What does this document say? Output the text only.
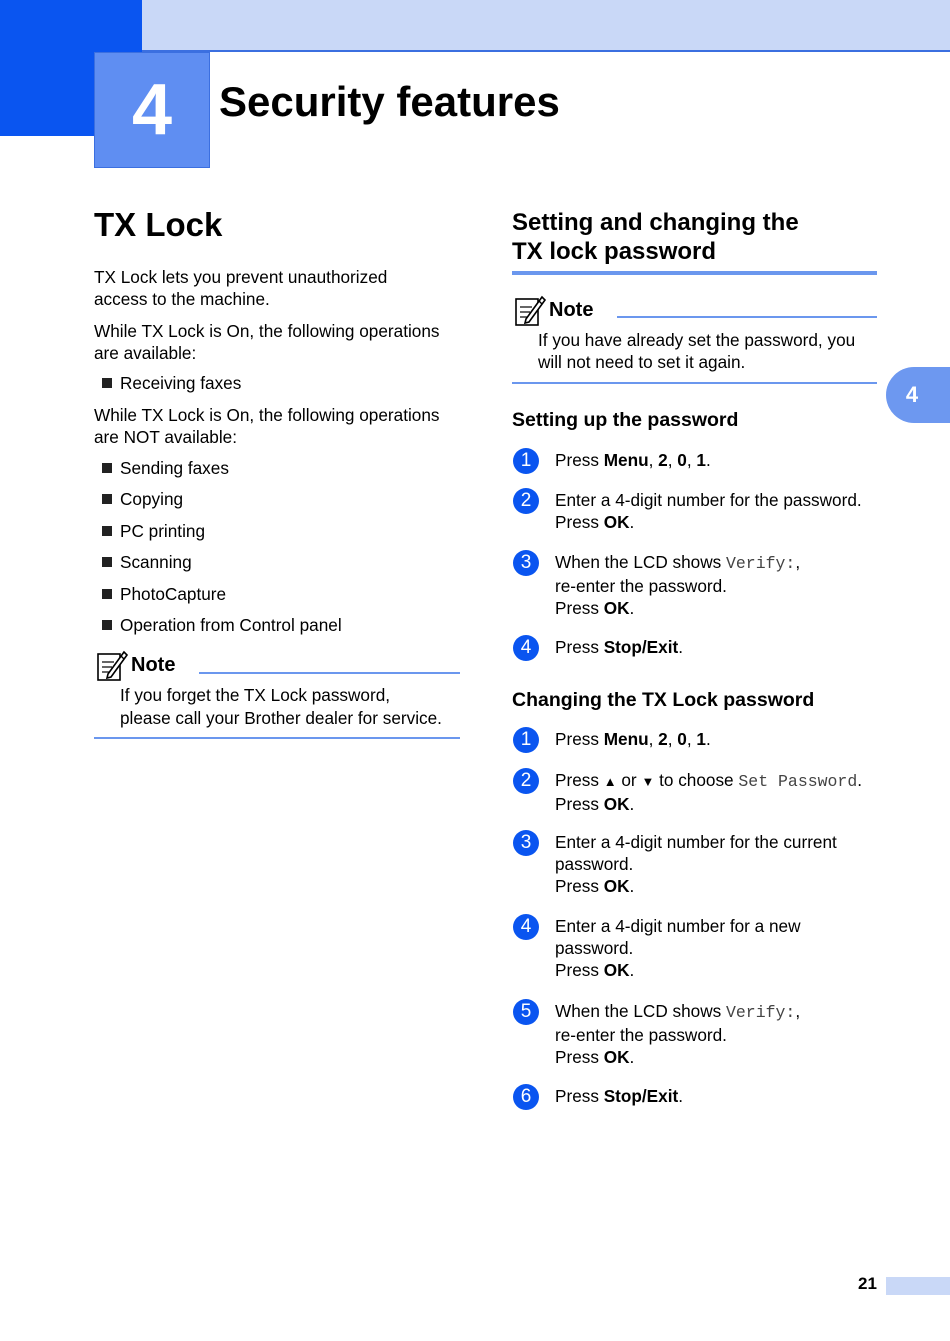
4 Security features
4
TX Lock
TX Lock lets you prevent unauthorized
access to the machine.
While TX Lock is On, the following operations
are available:
Receiving faxes
While TX Lock is On, the following operations
are NOT available:
Sending faxes
Copying
PC printing
Scanning
PhotoCapture
Operation from Control panel
Note
If you forget the TX Lock password,
please call your Brother dealer for service.
Setting and changing the
TX lock password
Note
If you have already set the password, you
will not need to set it again.
Setting up the password
1	Press Menu, 2, 0, 1.
2	Enter a 4-digit number for the password.
Press OK.
3	When the LCD shows Verify:,
re-enter the password.
Press OK.
4	Press Stop/Exit.
Changing the TX Lock password
1	Press Menu, 2, 0, 1.
2	Press ▲ or ▼ to choose Set Password.
Press OK.
3	Enter a 4-digit number for the current
password.
Press OK.
4	Enter a 4-digit number for a new
password.
Press OK.
5	When the LCD shows Verify:,
re-enter the password.
Press OK.
6	Press Stop/Exit.
21
